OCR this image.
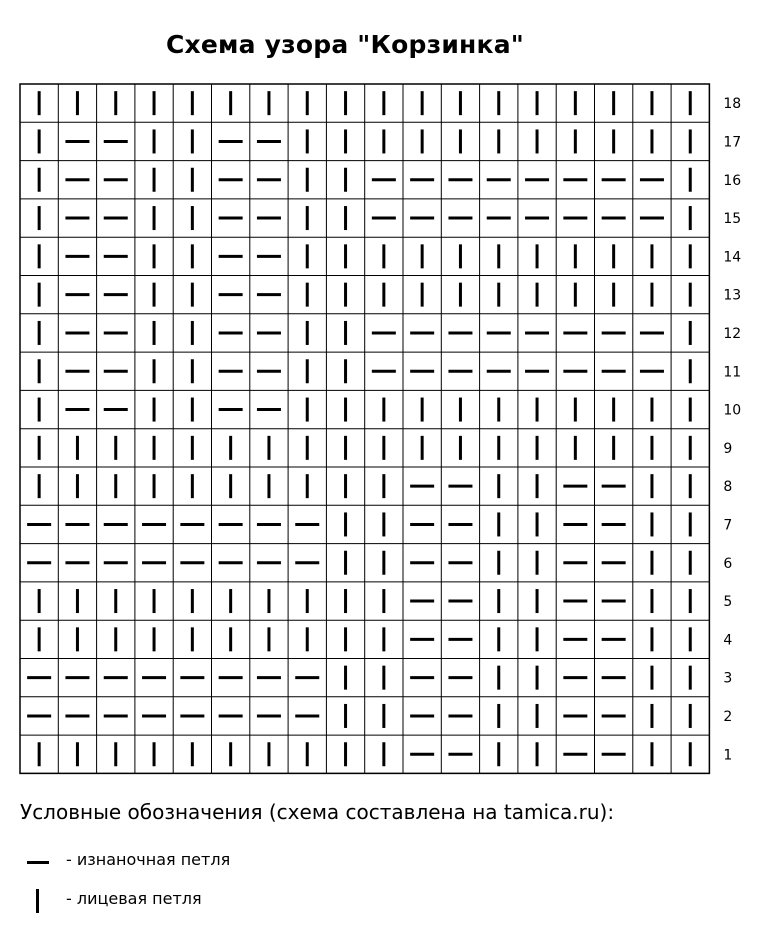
Схема узора "Корзинка"
1
2
3
4
5
6
7
8
9
10
11
12
13
14
15
16
17
18
Условные обозначения (схема составлена на tamica.ru):
- изнаночная петля
- лицевая петля
